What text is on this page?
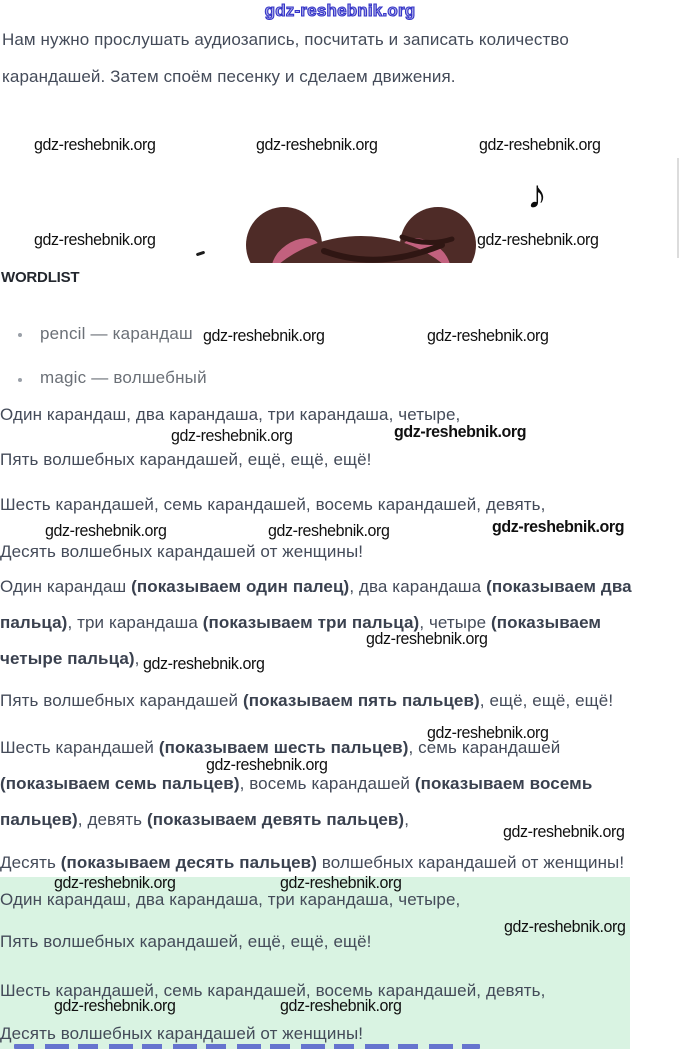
gdz-reshebnik.org
Нам нужно прослушать аудиозапись, посчитать и записать количество
карандашей. Затем споём песенку и сделаем движения.
gdz-reshebnik.org	gdz-reshebnik.org	gdz-reshebnik.org
♪
gdz-reshebnik.org	gdz-reshebnik.org
WORDLIST
pencil — карандаш gdz-reshebnik.org	gdz-reshebnik.org
magic — волшебный
Один карандаш, два карандаша, три карандаша, четыре,
gdz-reshebnik.org	gdz-reshebnik.org
Пять волшебных карандашей, ещё, ещё, ещё!
Шесть карандашей, семь карандашей, восемь карандашей, девять,
gdz-reshebnik.org	gdz-reshebnik.org	gdz-reshebnik.org
Десять волшебных карандашей от женщины!
Один карандаш (показываем один палец), два карандаша (показываем два
пальца), три карандаша (показываем три пальца), четыре (показываем
gdz-reshebnik.org
четыре пальца), gdz-reshebnik.org
Пять волшебных карандашей (показываем пять пальцев), ещё, ещё, ещё!
gdz-reshebnik.org
Шесть карандашей (показываем шесть пальцев), семь карандашей
gdz-reshebnik.org
(показываем семь пальцев), восемь карандашей (показываем восемь
пальцев), девять (показываем девять пальцев),
gdz-reshebnik.org
Десять (показываем десять пальцев) волшебных карандашей от женщины!
gdz-reshebnik.org	gdz-reshebnik.org
Один карандаш, два карандаша, три карандаша, четыре,
gdz-reshebnik.org
Пять волшебных карандашей, ещё, ещё, ещё!
Шесть карандашей, семь карандашей, восемь карандашей, девять,
gdz-reshebnik.org	gdz-reshebnik.org
Десять волшебных карандашей от женщины!
